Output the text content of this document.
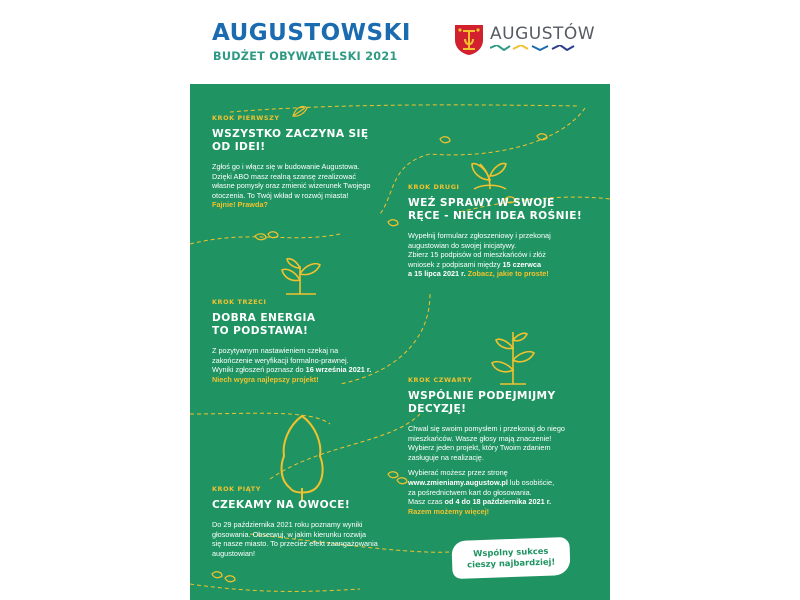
AUGUSTOWSKI
BUDŻET OBYWATELSKI 2021
AUGUSTÓW
KROK PIERWSZY
WSZYSTKO ZACZYNA SIĘ
OD IDEI!
Zgłoś go i włącz się w budowanie Augustowa.
Dzięki ABO masz realną szansę zrealizować
własne pomysły oraz zmienić wizerunek Twojego
otoczenia. To Twój wkład w rozwój miasta!
Fajnie! Prawda?
KROK DRUGI
WEŹ SPRAWY W SWOJE
RĘCE - NIECH IDEA ROŚNIE!
Wypełnij formularz zgłoszeniowy i przekonaj
augustowian do swojej inicjatywy.
Zbierz 15 podpisów od mieszkańców i złóż
wniosek z podpisami między 15 czerwca
a 15 lipca 2021 r. Zobacz, jakie to proste!
KROK TRZECI
DOBRA ENERGIA
TO PODSTAWA!
Z pozytywnym nastawieniem czekaj na
zakończenie weryfikacji formalno-prawnej.
Wyniki zgłoszeń poznasz do 16 września 2021 r.
Niech wygra najlepszy projekt!	KROK CZWARTY
WSPÓLNIE PODEJMIJMY
DECYZJĘ!
Chwal się swoim pomysłem i przekonaj do niego
mieszkańców. Wasze głosy mają znaczenie!
Wybierz jeden projekt, który Twoim zdaniem
zasługuje na realizację.
Wybierać możesz przez stronę
www.zmieniamy.augustow.pl lub osobiście,
za pośrednictwem kart do głosowania.
Masz czas od 4 do 18 października 2021 r.
Razem możemy więcej!
KROK PIĄTY
CZEKAMY NA OWOCE!
Do 29 października 2021 roku poznamy wyniki
głosowania. Obserwuj, w jakim kierunku rozwija
się nasze miasto. To przecież efekt zaangażowania
augustowian!	Wspólny sukces
cieszy najbardziej!
